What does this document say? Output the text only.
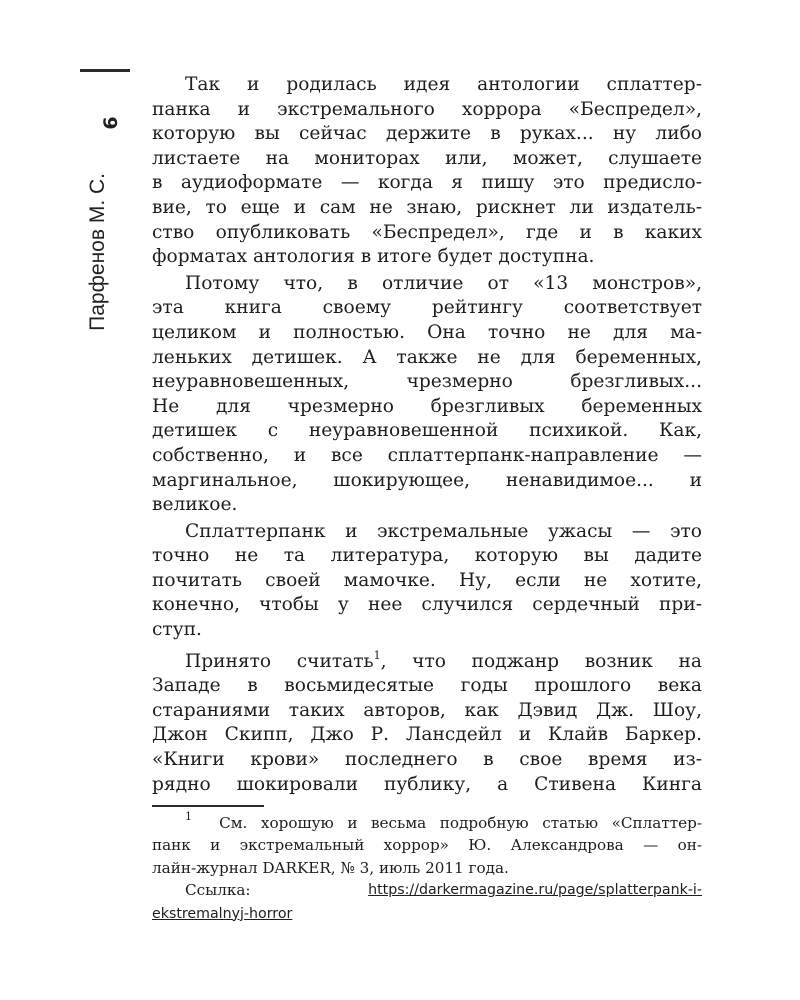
6
Парфенов М. С.

Так и родилась идея антологии сплаттер-
панка и экстремального хоррора «Беспредел»,
которую вы сейчас держите в руках... ну либо
листаете на мониторах или, может, слушаете
в аудиоформате — когда я пишу это предисло-
вие, то еще и сам не знаю, рискнет ли издатель-
ство опубликовать «Беспредел», где и в каких
форматах антология в итоге будет доступна.

Потому что, в отличие от «13 монстров»,
эта книга своему рейтингу соответствует
целиком и полностью. Она точно не для ма-
леньких детишек. А также не для беременных,
неуравновешенных, чрезмерно брезгливых...
Не для чрезмерно брезгливых беременных
детишек с неуравновешенной психикой. Как,
собственно, и все сплаттерпанк-направление —
маргинальное, шокирующее, ненавидимое... и
великое.

Сплаттерпанк и экстремальные ужасы — это
точно не та литература, которую вы дадите
почитать своей мамочке. Ну, если не хотите,
конечно, чтобы у нее случился сердечный при-
ступ.

Принято считать$^1$, что поджанр возник на
Западе в восьмидесятые годы прошлого века
стараниями таких авторов, как Дэвид Дж. Шоу,
Джон Скипп, Джо Р. Лансдейл и Клайв Баркер.
«Книги крови» последнего в свое время из-
рядно шокировали публику, а Стивена Кинга

$^1$ См. хорошую и весьма подробную статью «Сплаттер-
панк и экстремальный хоррор» Ю. Александрова — он-
лайн-журнал DARKER, № 3, июль 2011 года.
Ссылка:	https://darkermagazine.ru/page/splatterpank-i-
ekstremalnyj-horror
